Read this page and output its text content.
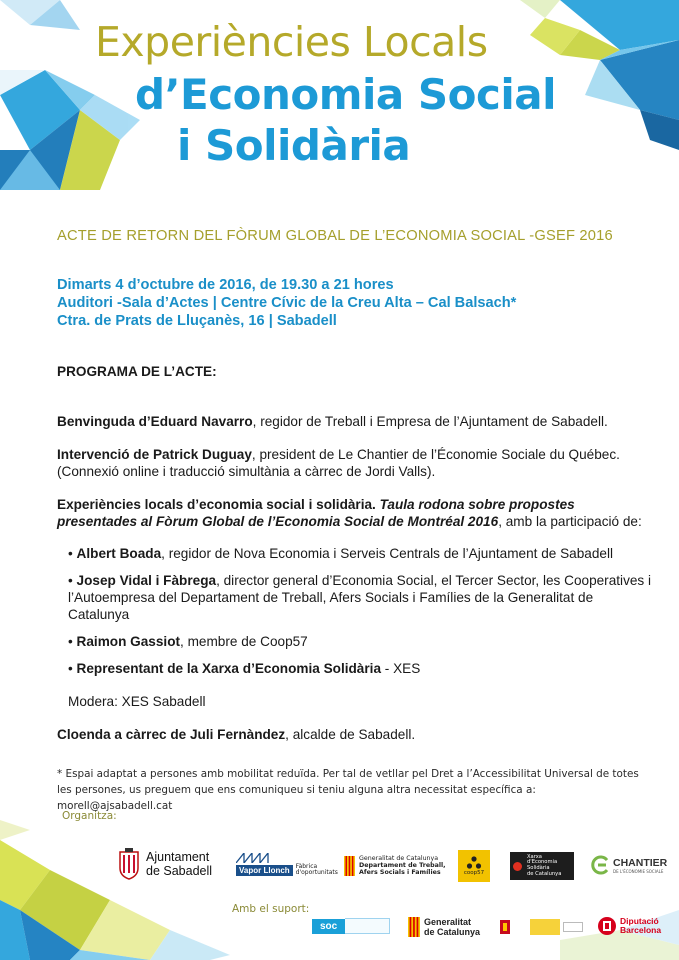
Experiències Locals
d’Economia Social
i Solidària
ACTE DE RETORN DEL FÒRUM GLOBAL DE L’ECONOMIA SOCIAL -GSEF 2016
Dimarts 4 d’octubre de 2016, de 19.30 a 21 hores
Auditori -Sala d’Actes | Centre Cívic de la Creu Alta – Cal Balsach*
Ctra. de Prats de Lluçanès, 16 | Sabadell

PROGRAMA DE L’ACTE:

Benvinguda d’Eduard Navarro, regidor de Treball i Empresa de l’Ajuntament de Sabadell.

Intervenció de Patrick Duguay, president de Le Chantier de l’Économie Sociale du Québec.
(Connexió online i traducció simultània a càrrec de Jordi Valls).

Experiències locals d’economia social i solidària. Taula rodona sobre propostes presentades al Fòrum Global de l’Economia Social de Montréal 2016, amb la participació de:

• Albert Boada, regidor de Nova Economia i Serveis Centrals de l’Ajuntament de Sabadell

• Josep Vidal i Fàbrega, director general d’Economia Social, el Tercer Sector, les Cooperatives i l’Autoempresa del Departament de Treball, Afers Socials i Famílies de la Generalitat de Catalunya

• Raimon Gassiot, membre de Coop57

• Representant de la Xarxa d’Economia Solidària - XES

Modera: XES Sabadell

Cloenda a càrrec de Juli Fernàndez, alcalde de Sabadell.

* Espai adaptat a persones amb mobilitat reduïda. Per tal de vetllar pel Dret a l’Accessibilitat Universal de totes les persones, us preguem que ens comuniqueu si teniu alguna altra necessitat específica a: morell@ajsabadell.cat
Organitza:
Ajuntament
de Sabadell	Vapor Llonch	Fàbrica
d'oportunitats
Generalitat de Catalunya
Departament de Treball,
Afers Socials i Famílies	coop57
Xarxa
d'Economia
Solidària
de Catalunya
CHANTIER
DE L'ÉCONOMIE SOCIALE
Amb el suport:
soc	Generalitat
de Catalunya
Diputació
Barcelona
